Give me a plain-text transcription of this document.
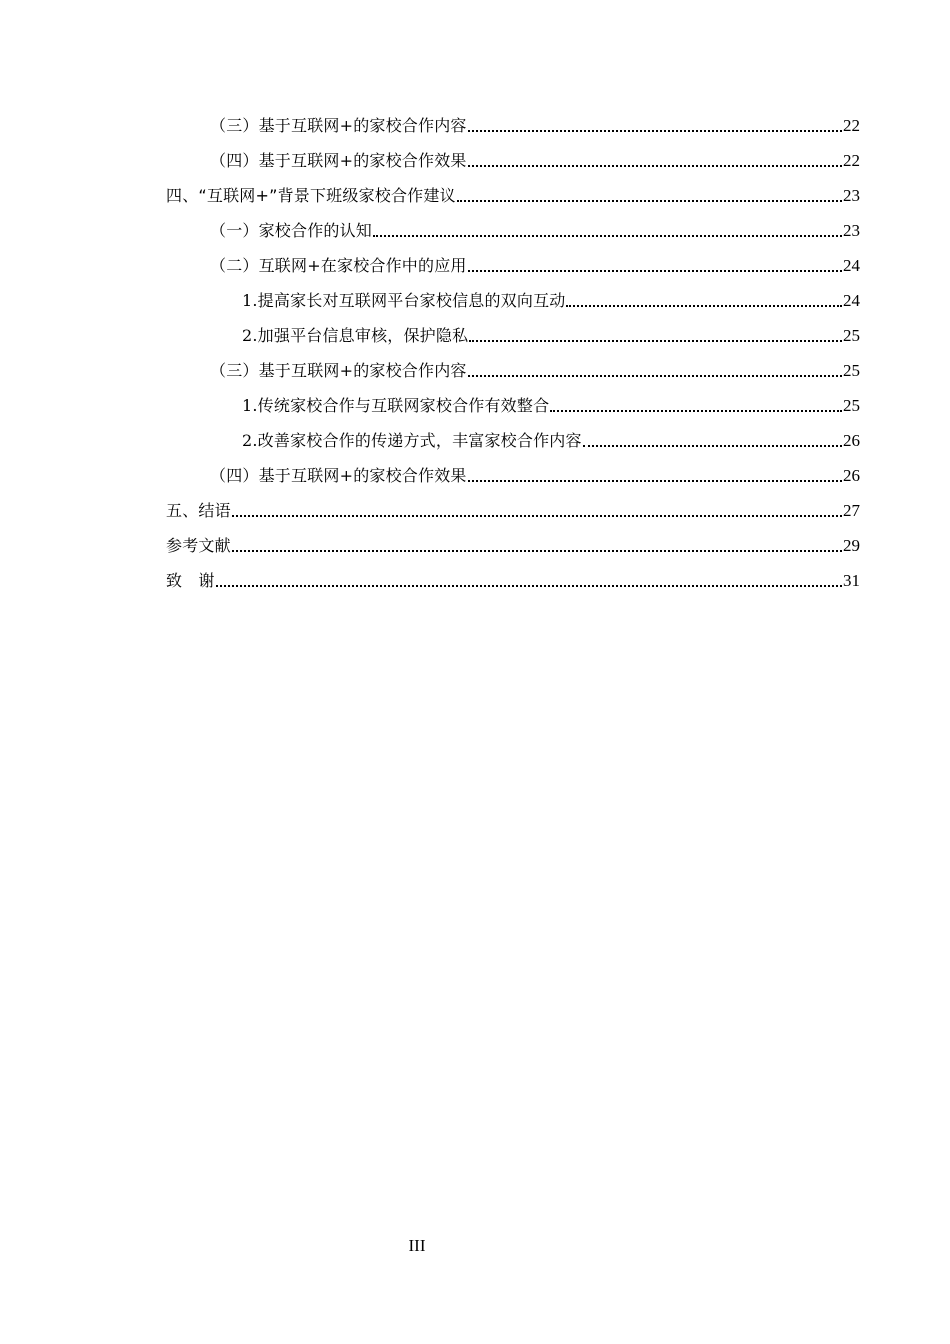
（三）基于互联网+的家校合作内容	22
（四）基于互联网+的家校合作效果	22
四、“互联网+”背景下班级家校合作建议	23
（一）家校合作的认知	23
（二）互联网+在家校合作中的应用	24
1.提高家长对互联网平台家校信息的双向互动	24
2.加强平台信息审核，保护隐私	25
（三）基于互联网+的家校合作内容	25
1.传统家校合作与互联网家校合作有效整合	25
2.改善家校合作的传递方式，丰富家校合作内容	26
（四）基于互联网+的家校合作效果	26
五、结语	27
参考文献	29
致　谢	31
III
